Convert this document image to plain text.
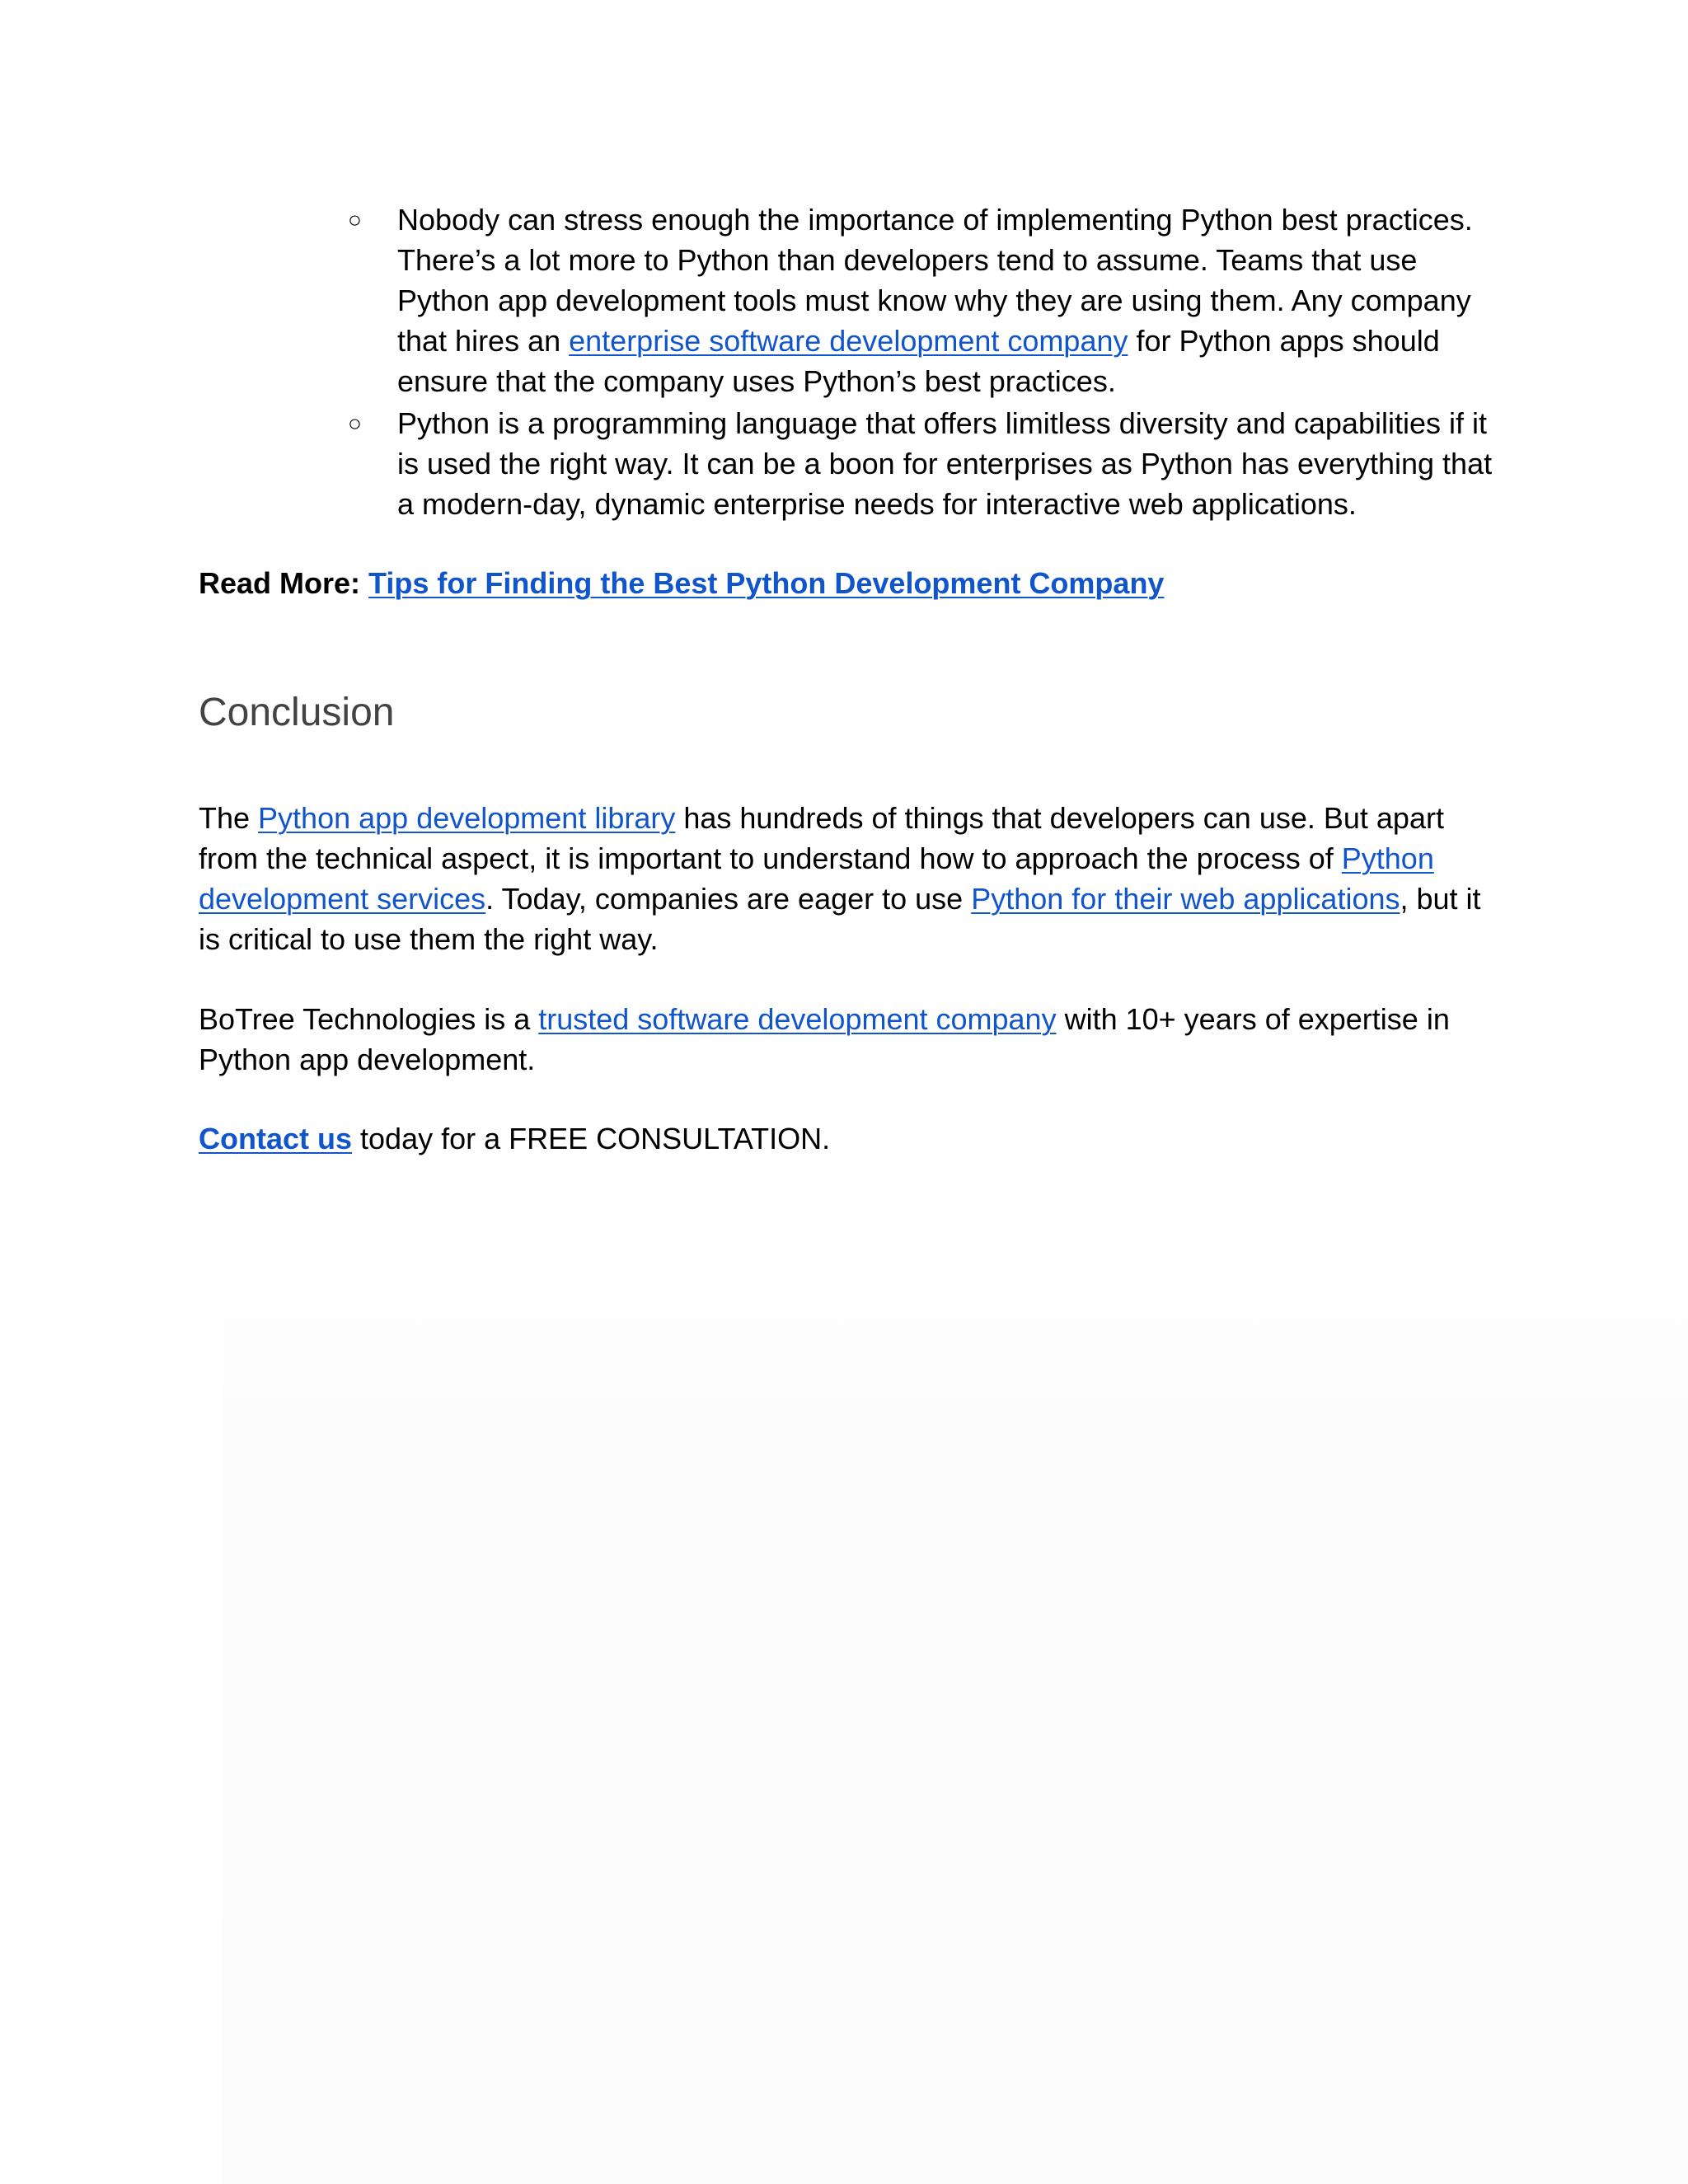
○ Nobody can stress enough the importance of implementing Python best practices. There’s a lot more to Python than developers tend to assume. Teams that use Python app development tools must know why they are using them. Any company that hires an enterprise software development company for Python apps should ensure that the company uses Python’s best practices.
○ Python is a programming language that offers limitless diversity and capabilities if it is used the right way. It can be a boon for enterprises as Python has everything that a modern-day, dynamic enterprise needs for interactive web applications.
Read More: Tips for Finding the Best Python Development Company
Conclusion

The Python app development library has hundreds of things that developers can use. But apart from the technical aspect, it is important to understand how to approach the process of Python development services. Today, companies are eager to use Python for their web applications, but it is critical to use them the right way.

BoTree Technologies is a trusted software development company with 10+ years of expertise in Python app development.

Contact us today for a FREE CONSULTATION.
